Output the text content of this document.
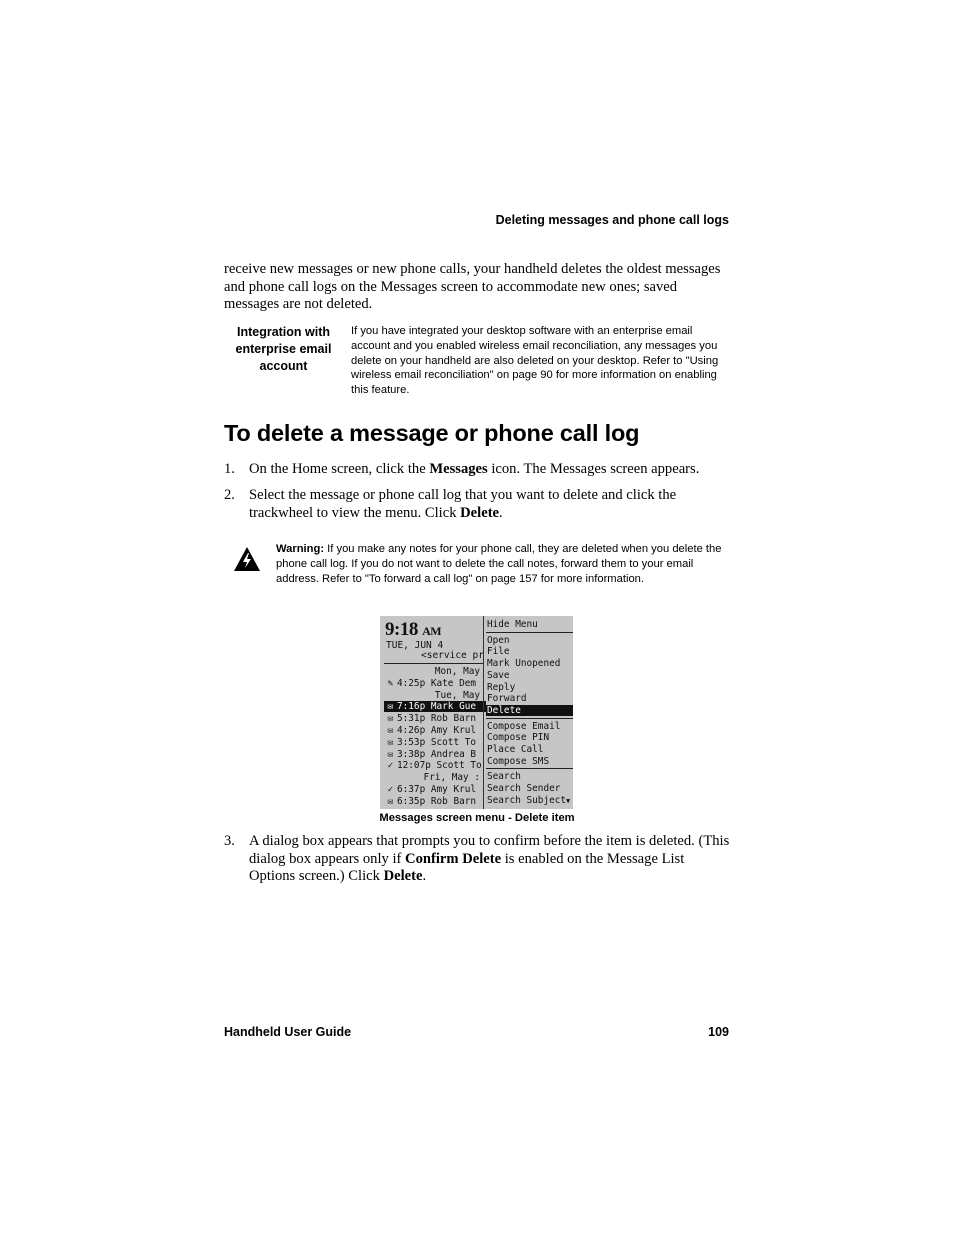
Deleting messages and phone call logs
receive new messages or new phone calls, your handheld deletes the oldest messages and phone call logs on the Messages screen to accommodate new ones; saved messages are not deleted.
Integration with enterprise email account
If you have integrated your desktop software with an enterprise email account and you enabled wireless email reconciliation, any messages you delete on your handheld are also deleted on your desktop. Refer to "Using wireless email reconciliation" on page 90 for more information on enabling this feature.
To delete a message or phone call log
1. On the Home screen, click the Messages icon. The Messages screen appears.
2. Select the message or phone call log that you want to delete and click the trackwheel to view the menu. Click Delete.
Warning: If you make any notes for your phone call, they are deleted when you delete the phone call log. If you do not want to delete the call notes, forward them to your email address. Refer to "To forward a call log" on page 157 for more information.
9:18 AM
TUE, JUN 4
<service pr
Mon, May
✎ 4:25p Kate Dem
Tue, May
✉ 7:16p Mark Gue
✉ 5:31p Rob Barn
✉ 4:26p Amy Krul
✉ 3:53p Scott To
✉ 3:38p Andrea B
✓ 12:07p Scott To
Fri, May :
✓ 6:37p Amy Krul
✉ 6:35p Rob Barn
Hide Menu
Open
File
Mark Unopened
Save
Reply
Forward
Delete
Compose Email
Compose PIN
Place Call
Compose SMS
Search
Search Sender
Search Subject▼
Messages screen menu - Delete item
3. A dialog box appears that prompts you to confirm before the item is deleted. (This dialog box appears only if Confirm Delete is enabled on the Message List Options screen.) Click Delete.
Handheld User Guide	109
